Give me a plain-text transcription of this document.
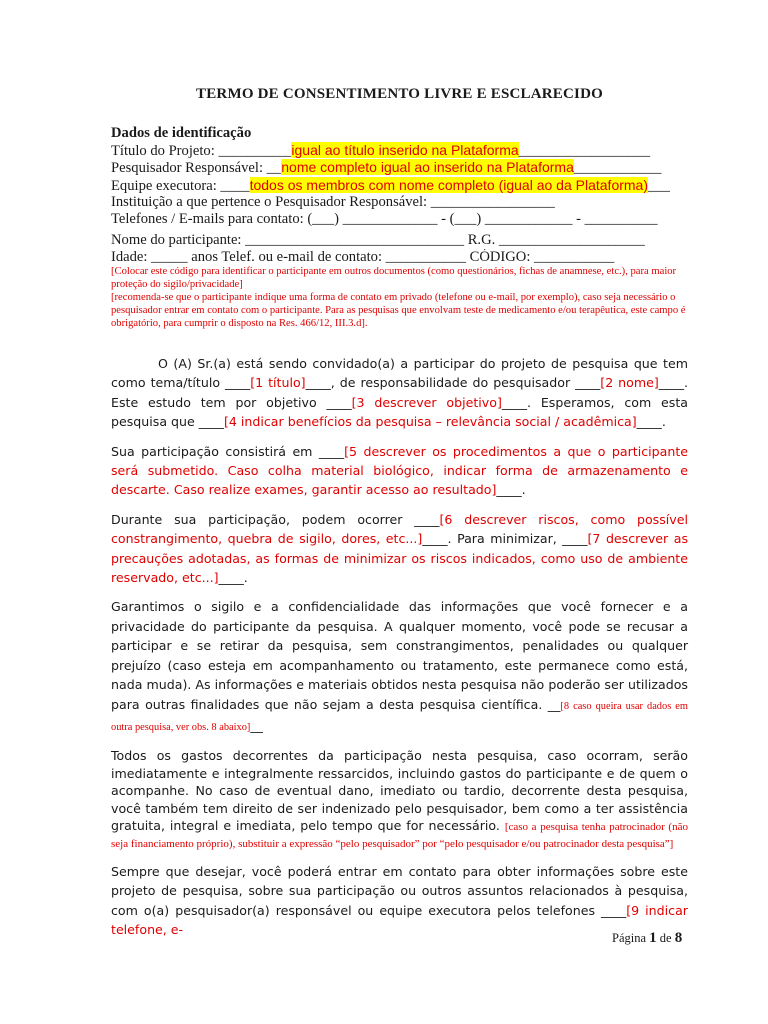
TERMO DE CONSENTIMENTO LIVRE E ESCLARECIDO
Dados de identificação
Título do Projeto: __________igual ao título inserido na Plataforma__________________
Pesquisador Responsável: __nome completo igual ao inserido na Plataforma____________
Equipe executora: ____todos os membros com nome completo (igual ao da Plataforma)___
Instituição a que pertence o Pesquisador Responsável: _________________
Telefones / E-mails para contato: (___) _____________ - (___) ____________ - __________
Nome do participante: ______________________________ R.G. ____________________
Idade: _____ anos Telef. ou e-mail de contato: ___________ CÓDIGO: ___________
[Colocar este código para identificar o participante em outros documentos (como questionários, fichas de anamnese, etc.), para maior proteção do sigilo/privacidade]
[recomenda-se que o participante indique uma forma de contato em privado (telefone ou e-mail, por exemplo), caso seja necessário o pesquisador entrar em contato com o participante. Para as pesquisas que envolvam teste de medicamento e/ou terapêutica, este campo é obrigatório, para cumprir o disposto na Res. 466/12, III.3.d].

O (A) Sr.(a) está sendo convidado(a) a participar do projeto de pesquisa que tem como tema/título ____[1 título]____, de responsabilidade do pesquisador ____[2 nome]____. Este estudo tem por objetivo ____[3 descrever objetivo]____. Esperamos, com esta pesquisa que ____[4 indicar benefícios da pesquisa – relevância social / acadêmica]____.

Sua participação consistirá em ____[5 descrever os procedimentos a que o participante será submetido. Caso colha material biológico, indicar forma de armazenamento e descarte. Caso realize exames, garantir acesso ao resultado]____.

Durante sua participação, podem ocorrer ____[6 descrever riscos, como possível constrangimento, quebra de sigilo, dores, etc...]____. Para minimizar, ____[7 descrever as precauções adotadas, as formas de minimizar os riscos indicados, como uso de ambiente reservado, etc...]____.

Garantimos o sigilo e a confidencialidade das informações que você fornecer e a privacidade do participante da pesquisa. A qualquer momento, você pode se recusar a participar e se retirar da pesquisa, sem constrangimentos, penalidades ou qualquer prejuízo (caso esteja em acompanhamento ou tratamento, este permanece como está, nada muda). As informações e materiais obtidos nesta pesquisa não poderão ser utilizados para outras finalidades que não sejam a desta pesquisa científica. __[8 caso queira usar dados em outra pesquisa, ver obs. 8 abaixo]__

Todos os gastos decorrentes da participação nesta pesquisa, caso ocorram, serão imediatamente e integralmente ressarcidos, incluindo gastos do participante e de quem o acompanhe. No caso de eventual dano, imediato ou tardio, decorrente desta pesquisa, você também tem direito de ser indenizado pelo pesquisador, bem como a ter assistência gratuita, integral e imediata, pelo tempo que for necessário. [caso a pesquisa tenha patrocinador (não seja financiamento próprio), substituir a expressão “pelo pesquisador” por “pelo pesquisador e/ou patrocinador desta pesquisa”]

Sempre que desejar, você poderá entrar em contato para obter informações sobre este projeto de pesquisa, sobre sua participação ou outros assuntos relacionados à pesquisa, com o(a) pesquisador(a) responsável ou equipe executora pelos telefones ____[9 indicar telefone, e-

Página 1 de 8
